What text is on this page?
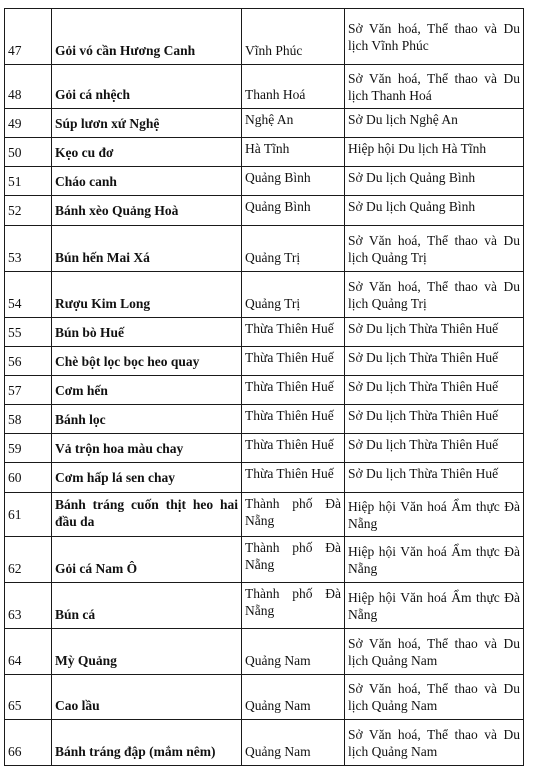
47	Gỏi vó cần Hương Canh	Vĩnh Phúc	Sở Văn hoá, Thể thao và Du lịch Vĩnh Phúc
48	Gỏi cá nhệch	Thanh Hoá	Sở Văn hoá, Thể thao và Du lịch Thanh Hoá
49	Súp lươn xứ Nghệ	Nghệ An	Sở Du lịch Nghệ An
50	Kẹo cu đơ	Hà Tĩnh	Hiệp hội Du lịch Hà Tĩnh
51	Cháo canh	Quảng Bình	Sở Du lịch Quảng Bình
52	Bánh xèo Quảng Hoà	Quảng Bình	Sở Du lịch Quảng Bình
53	Bún hến Mai Xá	Quảng Trị	Sở Văn hoá, Thể thao và Du lịch Quảng Trị
54	Rượu Kim Long	Quảng Trị	Sở Văn hoá, Thể thao và Du lịch Quảng Trị
55	Bún bò Huế	Thừa Thiên Huế	Sở Du lịch Thừa Thiên Huế
56	Chè bột lọc bọc heo quay	Thừa Thiên Huế	Sở Du lịch Thừa Thiên Huế
57	Cơm hến	Thừa Thiên Huế	Sở Du lịch Thừa Thiên Huế
58	Bánh lọc	Thừa Thiên Huế	Sở Du lịch Thừa Thiên Huế
59	Vả trộn hoa màu chay	Thừa Thiên Huế	Sở Du lịch Thừa Thiên Huế
60	Cơm hấp lá sen chay	Thừa Thiên Huế	Sở Du lịch Thừa Thiên Huế
61	Bánh tráng cuốn thịt heo hai đầu da	Thành phố Đà Nẵng	Hiệp hội Văn hoá Ẩm thực Đà Nẵng
62	Gỏi cá Nam Ô	Thành phố Đà Nẵng	Hiệp hội Văn hoá Ẩm thực Đà Nẵng
63	Bún cá	Thành phố Đà Nẵng	Hiệp hội Văn hoá Ẩm thực Đà Nẵng
64	Mỳ Quảng	Quảng Nam	Sở Văn hoá, Thể thao và Du lịch Quảng Nam
65	Cao lầu	Quảng Nam	Sở Văn hoá, Thể thao và Du lịch Quảng Nam
66	Bánh tráng đập (mắm nêm)	Quảng Nam	Sở Văn hoá, Thể thao và Du lịch Quảng Nam
